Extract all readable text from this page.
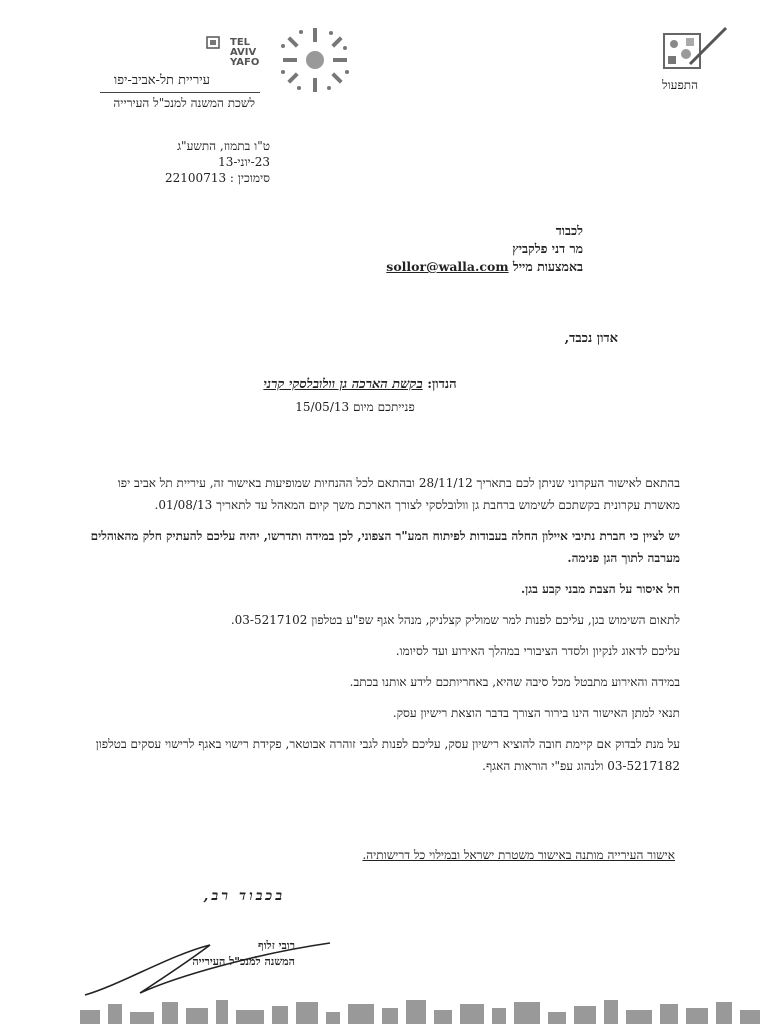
TEL AVIV YAFO
עיריית תל-אביב-יפו
לשכת המשנה למנכ"ל העירייה
התפעול
ט"ו בתמוז, התשע"ג
23-יוני-13
סימוכין : 22100713
לכבוד
מר דני פלקביץ
באמצעות מייל sollor@walla.com
אדון נכבד,
הנדון: בקשת הארכה גן וולובלסקי קרני
פנייתכם מיום 15/05/13

בהתאם לאישור העקרוני שניתן לכם בתאריך 28/11/12 ובהתאם לכל ההנחיות שמופיעות באישור זה, עיריית תל אביב יפו מאשרת עקרונית בקשתכם לשימוש ברחבת גן וולובלסקי לצורך הארכת משך קיום המאהל עד לתאריך 01/08/13.

יש לציין כי חברת נתיבי איילון החלה בעבודות לפיתוח המע"ר הצפוני, לכן במידה ותדרשו, יהיה עליכם להעתיק חלק מהאוהלים מערבה לתוך הגן פנימה.

חל איסור על הצבת מבני קבע בגן.

לתאום השימוש בגן, עליכם לפנות למר שמוליק קצלניק, מנהל אגף שפ"ע בטלפון 03-5217102.

עליכם לדאוג לנקיון ולסדר הציבורי במהלך האירוע ועד לסיומו.

במידה והאירוע מתבטל מכל סיבה שהיא, באחריותכם לידע אותנו בכתב.

תנאי למתן האישור הינו בירור הצורך בדבר הוצאת רישיון עסק.

על מנת לבדוק אם קיימת חובה להוציא רישיון עסק, עליכם לפנות לגבי זוהרה אבוטאר, פקידת רישוי באגף לרישוי עסקים בטלפון 03-5217182 ולנהוג עפ"י הוראות האגף.

אישור העירייה מותנה באישור משטרת ישראל ובמילוי כל דרישותיה.
בכבוד רב,
רובי זלוף
המשנה למנכ"ל העירייה
